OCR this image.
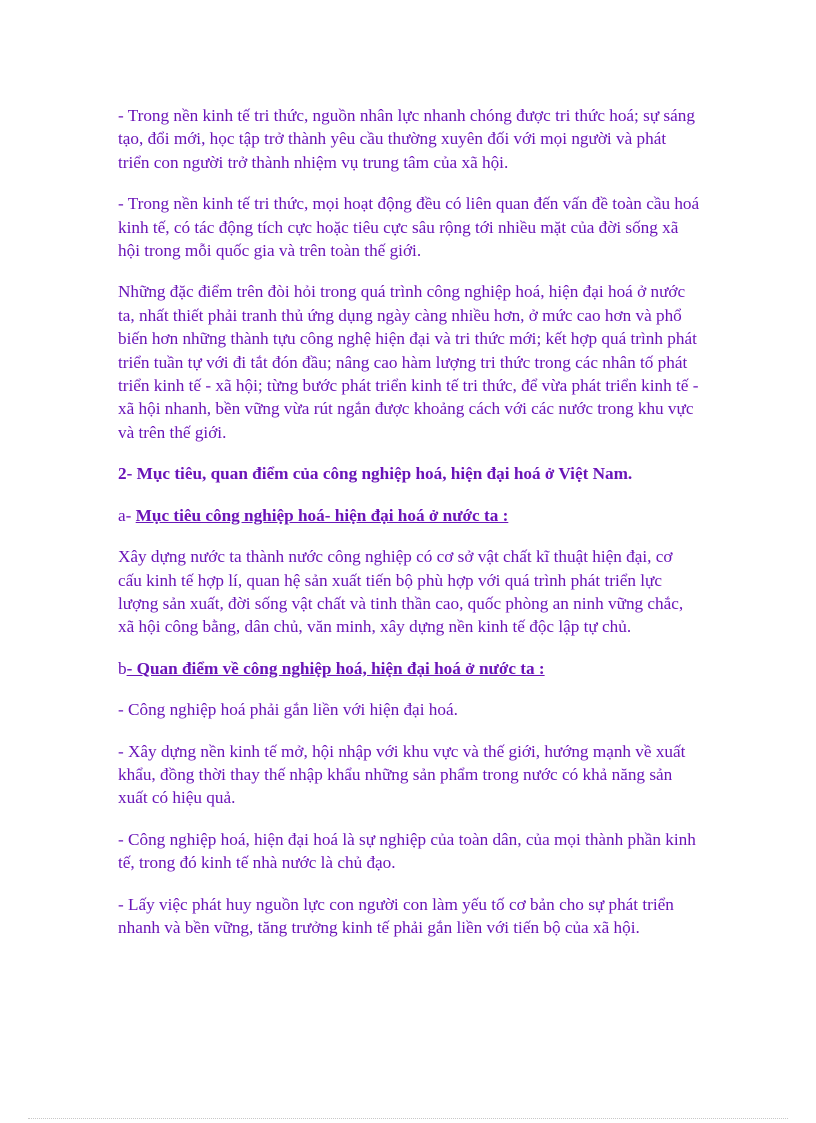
- Trong nền kinh tế tri thức, nguồn nhân lực nhanh chóng được tri thức hoá; sự sáng tạo, đổi mới, học tập trở thành yêu cầu thường xuyên đối với mọi người và phát triển con người trở thành nhiệm vụ trung tâm của xã hội.

- Trong nền kinh tế tri thức, mọi hoạt động đều có liên quan đến vấn đề toàn cầu hoá kinh tế, có tác động tích cực hoặc tiêu cực sâu rộng tới nhiều mặt của đời sống xã hội trong mỗi quốc gia và trên toàn thế giới.

Những đặc điểm trên đòi hỏi trong quá trình công nghiệp hoá, hiện đại hoá ở nước ta, nhất thiết phải tranh thủ ứng dụng ngày càng nhiều hơn, ở mức cao hơn và phổ biến hơn những thành tựu công nghệ hiện đại và tri thức mới; kết hợp quá trình phát triển tuần tự với đi tắt đón đầu; nâng cao hàm lượng tri thức trong các nhân tố phát triển kinh tế - xã hội; từng bước phát triển kinh tế tri thức, để vừa phát triển kinh tế - xã hội nhanh, bền vững vừa rút ngắn được khoảng cách với các nước trong khu vực và trên thế giới.

2- Mục tiêu, quan điểm của công nghiệp hoá, hiện đại hoá ở Việt Nam.

a- Mục tiêu công nghiệp hoá- hiện đại hoá ở nước ta :

Xây dựng nước ta thành nước công nghiệp có cơ sở vật chất kĩ thuật hiện đại, cơ cấu kinh tế hợp lí, quan hệ sản xuất tiến bộ phù hợp với quá trình phát triển lực lượng sản xuất, đời sống vật chất và tinh thần cao, quốc phòng an ninh vững chắc, xã hội công bằng, dân chủ, văn minh, xây dựng nền kinh tế độc lập tự chủ.

b- Quan điểm về công nghiệp hoá, hiện đại hoá ở nước ta :

- Công nghiệp hoá phải gắn liền với hiện đại hoá.

- Xây dựng nền kinh tế mở, hội nhập với khu vực và thế giới, hướng mạnh về xuất khẩu, đồng thời thay thế nhập khẩu những sản phẩm trong nước có khả năng sản xuất có hiệu quả.

- Công nghiệp hoá, hiện đại hoá là sự nghiệp của toàn dân, của mọi thành phần kinh tế, trong đó kinh tế nhà nước là chủ đạo.

- Lấy việc phát huy nguồn lực con người con làm yếu tố cơ bản cho sự phát triển nhanh và bền vững, tăng trưởng kinh tế phải gắn liền với tiến bộ của xã hội.
